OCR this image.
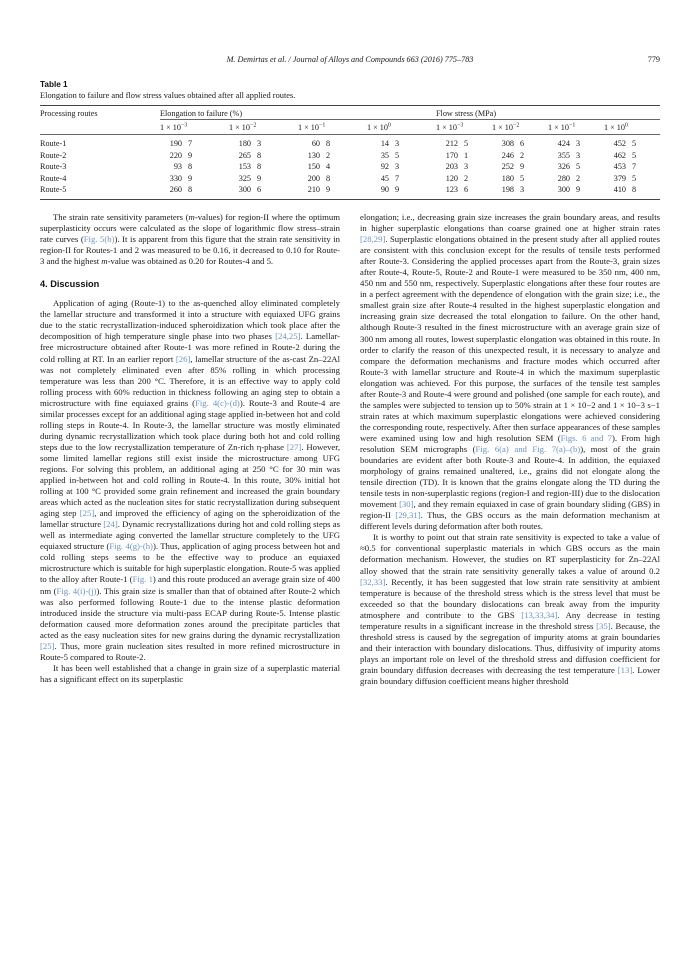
M. Demirtas et al. / Journal of Alloys and Compounds 663 (2016) 775–783	779
Table 1
Elongation to failure and flow stress values obtained after all applied routes.
Processing routes	Elongation to failure (%)				Flow stress (MPa)			

	$1 \times 10^{-3}$	$1 \times 10^{-2}$	$1 \times 10^{-1}$	$1 \times 10^0$	$1 \times 10^{-3}$	$1 \times 10^{-2}$	$1 \times 10^{-1}$	$1 \times 10^0$

Route-1	190 7	180 3	60 8	14 3	212 5	308 6	424 3	452 5
Route-2	220 9	265 8	130 2	35 5	170 1	246 2	355 3	462 5
Route-3	93 8	153 8	150 4	92 3	203 3	252 9	326 5	453 7
Route-4	330 9	325 9	200 8	45 7	120 2	180 5	280 2	379 5
Route-5	260 8	300 6	210 9	90 9	123 6	198 3	300 9	410 8

The strain rate sensitivity parameters (m-values) for region-II where the optimum superplasticity occurs were calculated as the slope of logarithmic flow stress–strain rate curves (Fig. 5(b)). It is apparent from this figure that the strain rate sensitivity in region-II for Routes-1 and 2 was measured to be 0.16, it decreased to 0.10 for Route-3 and the highest m-value was obtained as 0.20 for Routes-4 and 5.

4. Discussion

Application of aging (Route-1) to the as-quenched alloy eliminated completely the lamellar structure and transformed it into a structure with equiaxed UFG grains due to the static recrystallization-induced spheroidization which took place after the decomposition of high temperature single phase into two phases [24,25]. Lamellar-free microstructure obtained after Route-1 was more refined in Route-2 during the cold rolling at RT. In an earlier report [26], lamellar structure of the as-cast Zn–22Al was not completely eliminated even after 85% rolling in which processing temperature was less than 200 °C. Therefore, it is an effective way to apply cold rolling process with 60% reduction in thickness following an aging step to obtain a microstructure with fine equiaxed grains (Fig. 4(c)-(d)). Route-3 and Route-4 are similar processes except for an additional aging stage applied in-between hot and cold rolling steps in Route-4. In Route-3, the lamellar structure was mostly eliminated during dynamic recrystallization which took place during both hot and cold rolling steps due to the low recrystallization temperature of Zn-rich η-phase [27]. However, some limited lamellar regions still exist inside the microstructure among UFG regions. For solving this problem, an additional aging at 250 °C for 30 min was applied in-between hot and cold rolling in Route-4. In this route, 30% initial hot rolling at 100 °C provided some grain refinement and increased the grain boundary areas which acted as the nucleation sites for static recrystallization during subsequent aging step [25], and improved the efficiency of aging on the spheroidization of the lamellar structure [24]. Dynamic recrystallizations during hot and cold rolling steps as well as intermediate aging converted the lamellar structure completely to the UFG equiaxed structure (Fig. 4(g)-(h)). Thus, application of aging process between hot and cold rolling steps seems to be the effective way to produce an equiaxed microstructure which is suitable for high superplastic elongation. Route-5 was applied to the alloy after Route-1 (Fig. 1) and this route produced an average grain size of 400 nm (Fig. 4(i)-(j)). This grain size is smaller than that of obtained after Route-2 which was also performed following Route-1 due to the intense plastic deformation introduced inside the structure via multi-pass ECAP during Route-5. Intense plastic deformation caused more deformation zones around the precipitate particles that acted as the easy nucleation sites for new grains during the dynamic recrystallization [25]. Thus, more grain nucleation sites resulted in more refined microstructure in Route-5 compared to Route-2.

It has been well established that a change in grain size of a superplastic material has a significant effect on its superplastic

elongation; i.e., decreasing grain size increases the grain boundary areas, and results in higher superplastic elongations than coarse grained one at higher strain rates [28,29]. Superplastic elongations obtained in the present study after all applied routes are consistent with this conclusion except for the results of tensile tests performed after Route-3. Considering the applied processes apart from the Route-3, grain sizes after Route-4, Route-5, Route-2 and Route-1 were measured to be 350 nm, 400 nm, 450 nm and 550 nm, respectively. Superplastic elongations after these four routes are in a perfect agreement with the dependence of elongation with the grain size; i.e., the smallest grain size after Route-4 resulted in the highest superplastic elongation and increasing grain size decreased the total elongation to failure. On the other hand, although Route-3 resulted in the finest microstructure with an average grain size of 300 nm among all routes, lowest superplastic elongation was obtained in this route. In order to clarify the reason of this unexpected result, it is necessary to analyze and compare the deformation mechanisms and fracture modes which occurred after Route-3 with lamellar structure and Route-4 in which the maximum superplastic elongation was achieved. For this purpose, the surfaces of the tensile test samples after Route-3 and Route-4 were ground and polished (one sample for each route), and the samples were subjected to tension up to 50% strain at 1 × 10−2 and 1 × 10−3 s−1 strain rates at which maximum superplastic elongations were achieved considering the corresponding route, respectively. After then surface appearances of these samples were examined using low and high resolution SEM (Figs. 6 and 7). From high resolution SEM micrographs (Fig. 6(a) and Fig. 7(a)–(b)), most of the grain boundaries are evident after both Route-3 and Route-4. In addition, the equiaxed morphology of grains remained unaltered, i.e., grains did not elongate along the tensile direction (TD). It is known that the grains elongate along the TD during the tensile tests in non-superplastic regions (region-I and region-III) due to the dislocation movement [30], and they remain equiaxed in case of grain boundary sliding (GBS) in region-II [29,31]. Thus, the GBS occurs as the main deformation mechanism at different levels during deformation after both routes.

It is worthy to point out that strain rate sensitivity is expected to take a value of ≈0.5 for conventional superplastic materials in which GBS occurs as the main deformation mechanism. However, the studies on RT superplasticity for Zn–22Al alloy showed that the strain rate sensitivity generally takes a value of around 0.2 [32,33]. Recently, it has been suggested that low strain rate sensitivity at ambient temperature is because of the threshold stress which is the stress level that must be exceeded so that the boundary dislocations can break away from the impurity atmosphere and contribute to the GBS [13,33,34]. Any decrease in testing temperature results in a significant increase in the threshold stress [35]. Because, the threshold stress is caused by the segregation of impurity atoms at grain boundaries and their interaction with boundary dislocations. Thus, diffusivity of impurity atoms plays an important role on level of the threshold stress and diffusion coefficient for grain boundary diffusion decreases with decreasing the test temperature [13]. Lower grain boundary diffusion coefficient means higher threshold
